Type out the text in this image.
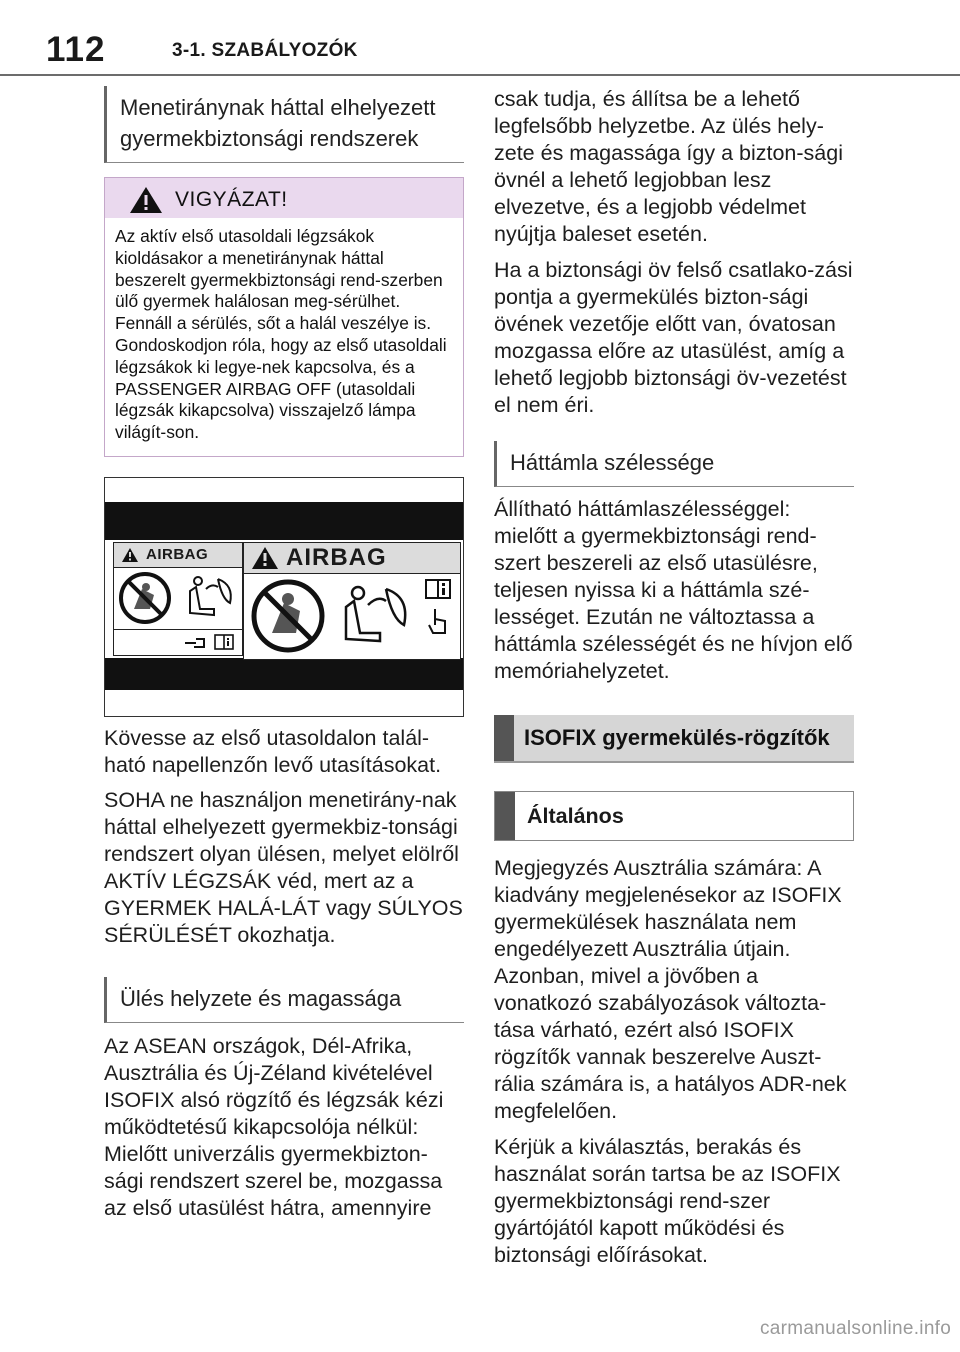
112	3-1. SZABÁLYOZÓK
Menetiránynak háttal elhelyezett gyermekbiztonsági rendszerek
VIGYÁZAT!
Az aktív első utasoldali légzsákok kioldásakor a menetiránynak háttal beszerelt gyermekbiztonsági rend-szerben ülő gyermek halálosan meg-sérülhet. Fennáll a sérülés, sőt a halál veszélye is. Gondoskodjon róla, hogy az első utasoldali légzsákok ki legye-nek kapcsolva, és a PASSENGER AIRBAG OFF (utasoldali légzsák kikapcsolva) visszajelző lámpa világít-son.
AIRBAG	AIRBAG

Kövesse az első utasoldalon talál-ható napellenzőn levő utasításokat.

SOHA ne használjon menetirány-nak háttal elhelyezett gyermekbiz-tonsági rendszert olyan ülésen, melyet elölről AKTÍV LÉGZSÁK véd, mert az a GYERMEK HALÁ-LÁT vagy SÚLYOS SÉRÜLÉSÉT okozhatja.

Ülés helyzete és magassága

Az ASEAN országok, Dél-Afrika, Ausztrália és Új-Zéland kivételével ISOFIX alsó rögzítő és légzsák kézi működtetésű kikapcsolója nélkül: Mielőtt univerzális gyermekbizton-sági rendszert szerel be, mozgassa az első utasülést hátra, amennyire

csak tudja, és állítsa be a lehető legfelsőbb helyzetbe. Az ülés hely-zete és magassága így a bizton-sági övnél a lehető legjobban lesz elvezetve, és a legjobb védelmet nyújtja baleset esetén.

Ha a biztonsági öv felső csatlako-zási pontja a gyermekülés bizton-sági övének vezetője előtt van, óvatosan mozgassa előre az utasülést, amíg a lehető legjobb biztonsági öv-vezetést el nem éri.

Háttámla szélessége

Állítható háttámlaszélességgel: mielőtt a gyermekbiztonsági rend-szert beszereli az első utasülésre, teljesen nyissa ki a háttámla szé-lességet. Ezután ne változtassa a háttámla szélességét és ne hívjon elő memóriahelyzetet.

ISOFIX gyermekülés-rögzítők
Általános

Megjegyzés Ausztrália számára: A kiadvány megjelenésekor az ISOFIX gyermekülések használata nem engedélyezett Ausztrália útjain. Azonban, mivel a jövőben a vonatkozó szabályozások változta-tása várható, ezért alsó ISOFIX rögzítők vannak beszerelve Auszt-rália számára is, a hatályos ADR-nek megfelelően.

Kérjük a kiválasztás, berakás és használat során tartsa be az ISOFIX gyermekbiztonsági rend-szer gyártójától kapott működési és biztonsági előírásokat.

carmanualsonline.info
